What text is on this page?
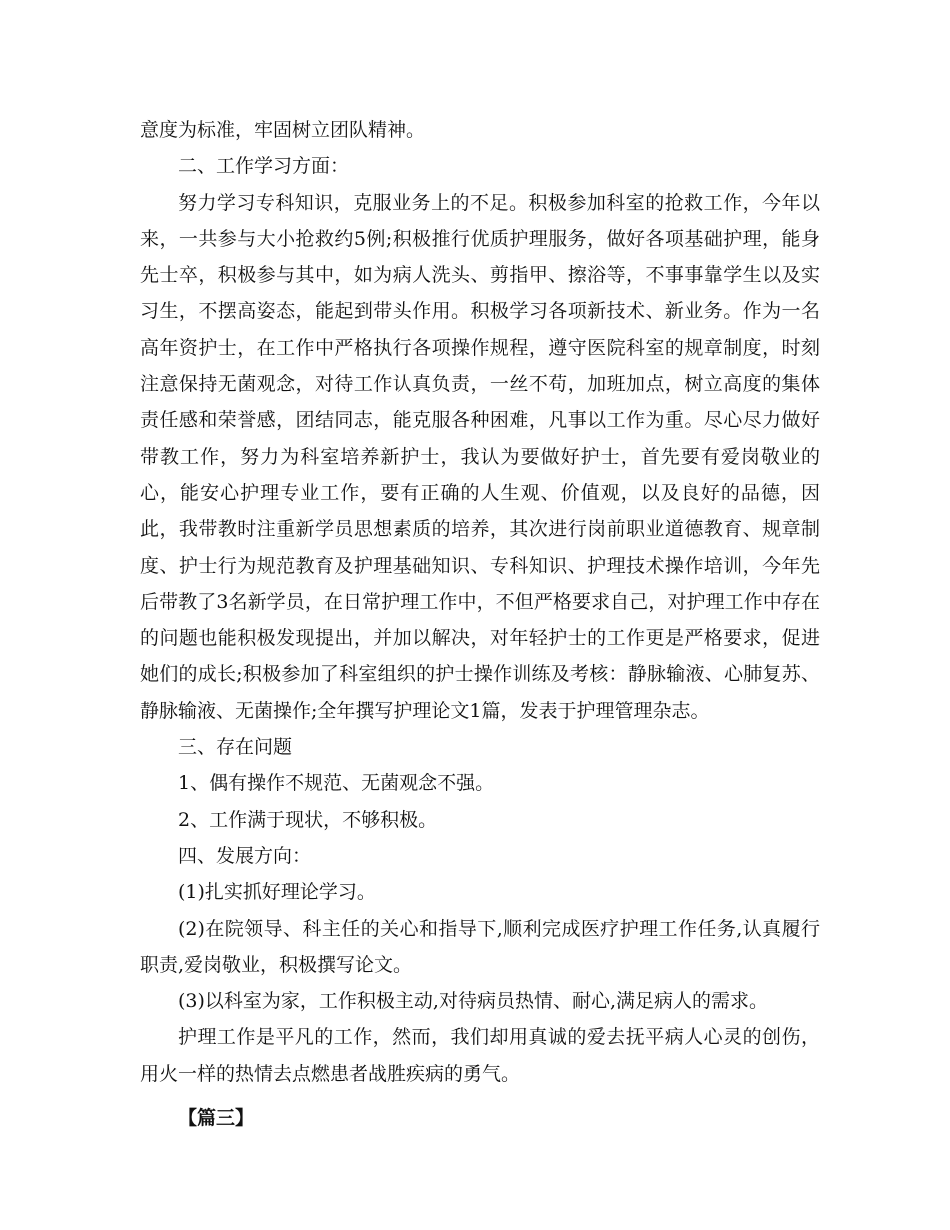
意度为标准，牢固树立团队精神。

二、工作学习方面：

努力学习专科知识，克服业务上的不足。积极参加科室的抢救工作，今年以来，一共参与大小抢救约5例;积极推行优质护理服务，做好各项基础护理，能身先士卒，积极参与其中，如为病人洗头、剪指甲、擦浴等，不事事靠学生以及实习生，不摆高姿态，能起到带头作用。积极学习各项新技术、新业务。作为一名高年资护士，在工作中严格执行各项操作规程，遵守医院科室的规章制度，时刻注意保持无菌观念，对待工作认真负责，一丝不苟，加班加点，树立高度的集体责任感和荣誉感，团结同志，能克服各种困难，凡事以工作为重。尽心尽力做好带教工作，努力为科室培养新护士，我认为要做好护士，首先要有爱岗敬业的心，能安心护理专业工作，要有正确的人生观、价值观，以及良好的品德，因此，我带教时注重新学员思想素质的培养，其次进行岗前职业道德教育、规章制度、护士行为规范教育及护理基础知识、专科知识、护理技术操作培训，今年先后带教了3名新学员，在日常护理工作中，不但严格要求自己，对护理工作中存在的问题也能积极发现提出，并加以解决，对年轻护士的工作更是严格要求，促进她们的成长;积极参加了科室组织的护士操作训练及考核：静脉输液、心肺复苏、静脉输液、无菌操作;全年撰写护理论文1篇，发表于护理管理杂志。

三、存在问题

1、偶有操作不规范、无菌观念不强。

2、工作满于现状，不够积极。

四、发展方向：

(1)扎实抓好理论学习。

(2)在院领导、科主任的关心和指导下,顺利完成医疗护理工作任务,认真履行职责,爱岗敬业，积极撰写论文。

(3)以科室为家，工作积极主动,对待病员热情、耐心,满足病人的需求。

护理工作是平凡的工作，然而，我们却用真诚的爱去抚平病人心灵的创伤，用火一样的热情去点燃患者战胜疾病的勇气。

【篇三】
